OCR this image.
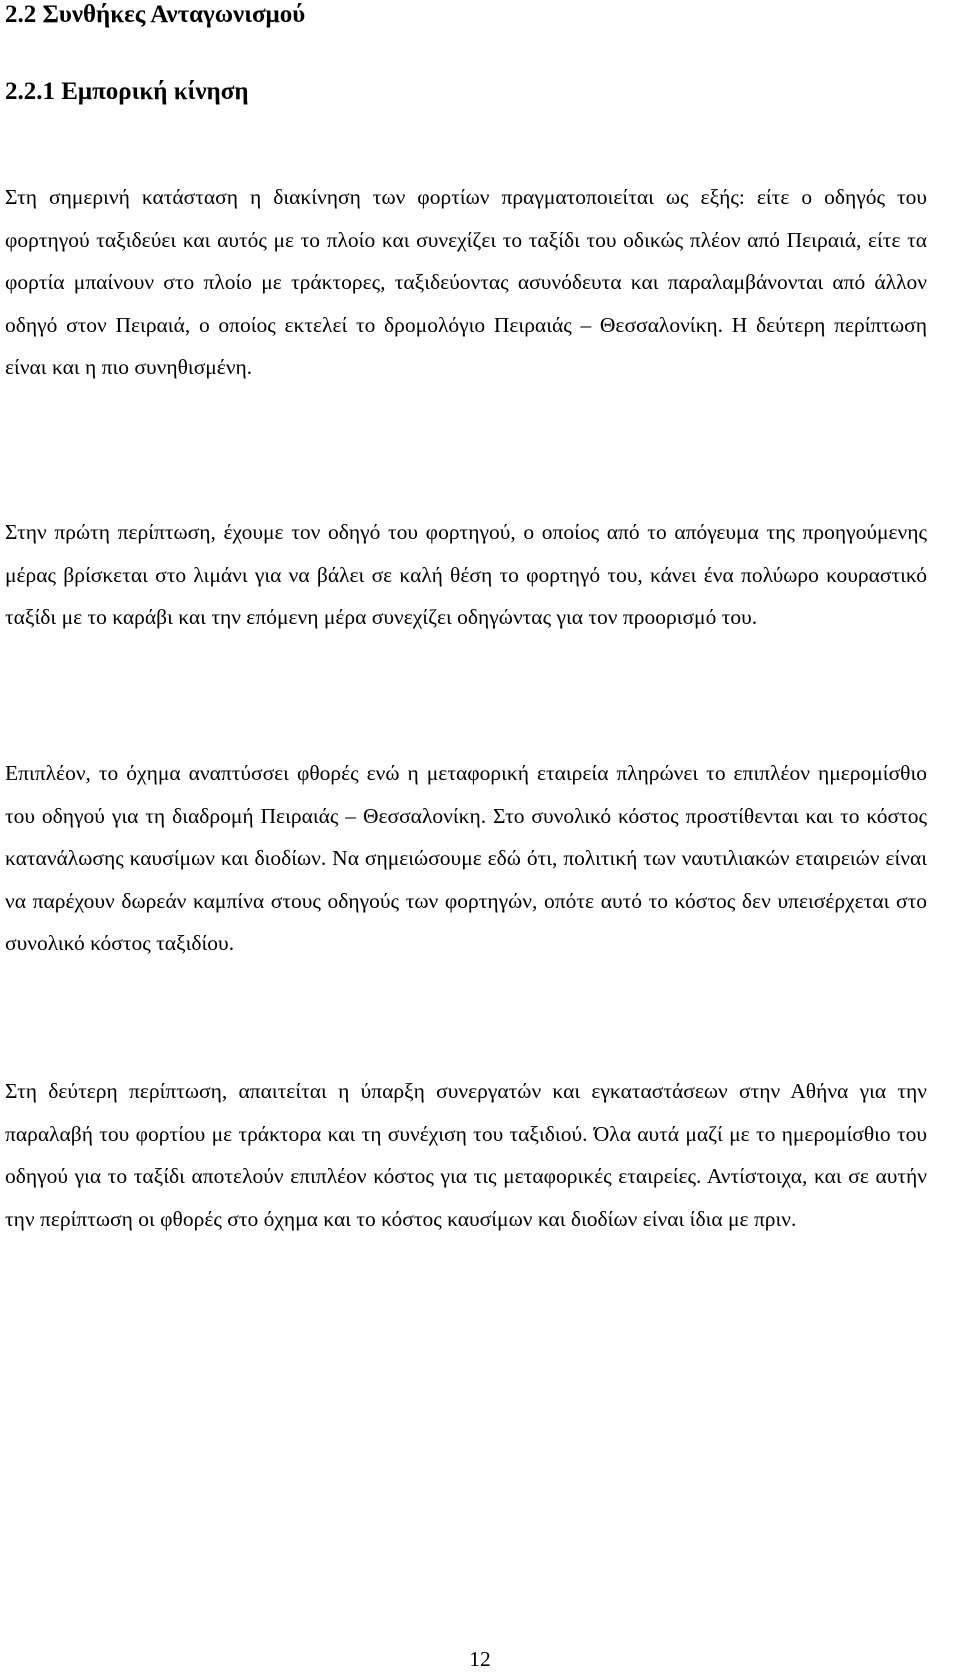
2.2 Συνθήκες Ανταγωνισμού
2.2.1 Εμπορική κίνηση

Στη σημερινή κατάσταση η διακίνηση των φορτίων πραγματοποιείται ως εξής: είτε ο οδηγός του φορτηγού ταξιδεύει και αυτός με το πλοίο και συνεχίζει το ταξίδι του οδικώς πλέον από Πειραιά, είτε τα φορτία μπαίνουν στο πλοίο με τράκτορες, ταξιδεύοντας ασυνόδευτα και παραλαμβάνονται από άλλον οδηγό στον Πειραιά, ο οποίος εκτελεί το δρομολόγιο Πειραιάς – Θεσσαλονίκη. Η δεύτερη περίπτωση είναι και η πιο συνηθισμένη.

Στην πρώτη περίπτωση, έχουμε τον οδηγό του φορτηγού, ο οποίος από το απόγευμα της προηγούμενης μέρας βρίσκεται στο λιμάνι για να βάλει σε καλή θέση το φορτηγό του, κάνει ένα πολύωρο κουραστικό ταξίδι με το καράβι και την επόμενη μέρα συνεχίζει οδηγώντας για τον προορισμό του.

Επιπλέον, το όχημα αναπτύσσει φθορές ενώ η μεταφορική εταιρεία πληρώνει το επιπλέον ημερομίσθιο του οδηγού για τη διαδρομή Πειραιάς – Θεσσαλονίκη. Στο συνολικό κόστος προστίθενται και το κόστος κατανάλωσης καυσίμων και διοδίων. Να σημειώσουμε εδώ ότι, πολιτική των ναυτιλιακών εταιρειών είναι να παρέχουν δωρεάν καμπίνα στους οδηγούς των φορτηγών, οπότε αυτό το κόστος δεν υπεισέρχεται στο συνολικό κόστος ταξιδίου.

Στη δεύτερη περίπτωση, απαιτείται η ύπαρξη συνεργατών και εγκαταστάσεων στην Αθήνα για την παραλαβή του φορτίου με τράκτορα και τη συνέχιση του ταξιδιού. Όλα αυτά μαζί με το ημερομίσθιο του οδηγού για το ταξίδι αποτελούν επιπλέον κόστος για τις μεταφορικές εταιρείες. Αντίστοιχα, και σε αυτήν την περίπτωση οι φθορές στο όχημα και το κόστος καυσίμων και διοδίων είναι ίδια με πριν.

12
